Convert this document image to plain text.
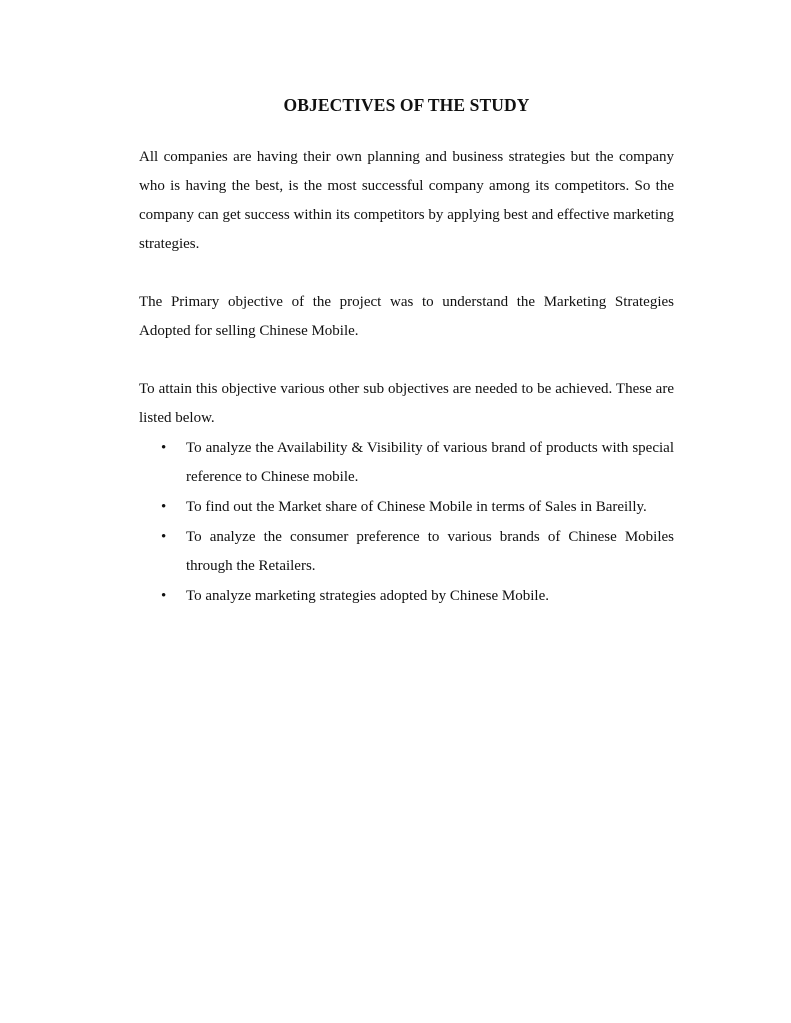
OBJECTIVES OF THE STUDY

All companies are having their own planning and business strategies but the company who is having the best, is the most successful company among its competitors. So the company can get success within its competitors by applying best and effective marketing strategies.

The Primary objective of the project was to understand the Marketing Strategies Adopted for selling Chinese Mobile.

To attain this objective various other sub objectives are needed to be achieved. These are listed below.

• To analyze the Availability & Visibility of various brand of products with special reference to Chinese mobile.
• To find out the Market share of Chinese Mobile in terms of Sales in Bareilly.
• To analyze the consumer preference to various brands of Chinese Mobiles through the Retailers.
• To analyze marketing strategies adopted by Chinese Mobile.
